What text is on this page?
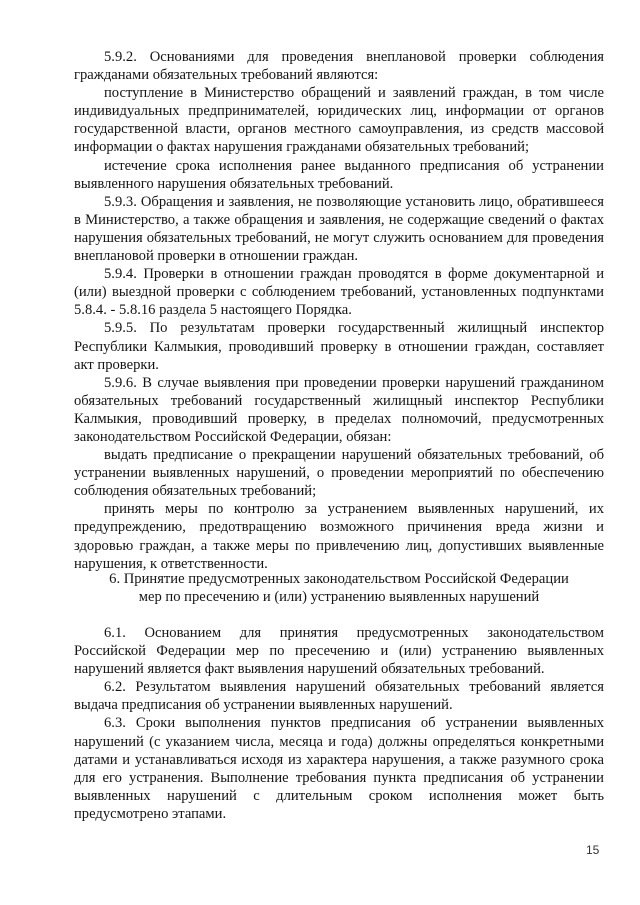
5.9.2. Основаниями для проведения внеплановой проверки соблюдения гражданами обязательных требований являются:

поступление в Министерство обращений и заявлений граждан, в том числе индивидуальных предпринимателей, юридических лиц, информации от органов государственной власти, органов местного самоуправления, из средств массовой информации о фактах нарушения гражданами обязательных требований;

истечение срока исполнения ранее выданного предписания об устранении выявленного нарушения обязательных требований.

5.9.3. Обращения и заявления, не позволяющие установить лицо, обратившееся в Министерство, а также обращения и заявления, не содержащие сведений о фактах нарушения обязательных требований, не могут служить основанием для проведения внеплановой проверки в отношении граждан.

5.9.4. Проверки в отношении граждан проводятся в форме документарной и (или) выездной проверки с соблюдением требований, установленных подпунктами 5.8.4. - 5.8.16 раздела 5 настоящего Порядка.

5.9.5. По результатам проверки государственный жилищный инспектор Республики Калмыкия, проводивший проверку в отношении граждан, составляет акт проверки.

5.9.6. В случае выявления при проведении проверки нарушений гражданином обязательных требований государственный жилищный инспектор Республики Калмыкия, проводивший проверку, в пределах полномочий, предусмотренных законодательством Российской Федерации, обязан:

выдать предписание о прекращении нарушений обязательных требований, об устранении выявленных нарушений, о проведении мероприятий по обеспечению соблюдения обязательных требований;

принять меры по контролю за устранением выявленных нарушений, их предупреждению, предотвращению возможного причинения вреда жизни и здоровью граждан, а также меры по привлечению лиц, допустивших выявленные нарушения, к ответственности.

6. Принятие предусмотренных законодательством Российской Федерации

мер по пресечению и (или) устранению выявленных нарушений

6.1. Основанием для принятия предусмотренных законодательством Российской Федерации мер по пресечению и (или) устранению выявленных нарушений является факт выявления нарушений обязательных требований.

6.2. Результатом выявления нарушений обязательных требований является выдача предписания об устранении выявленных нарушений.

6.3. Сроки выполнения пунктов предписания об устранении выявленных нарушений (с указанием числа, месяца и года) должны определяться конкретными датами и устанавливаться исходя из характера нарушения, а также разумного срока для его устранения. Выполнение требования пункта предписания об устранении выявленных нарушений с длительным сроком исполнения может быть предусмотрено этапами.

15
